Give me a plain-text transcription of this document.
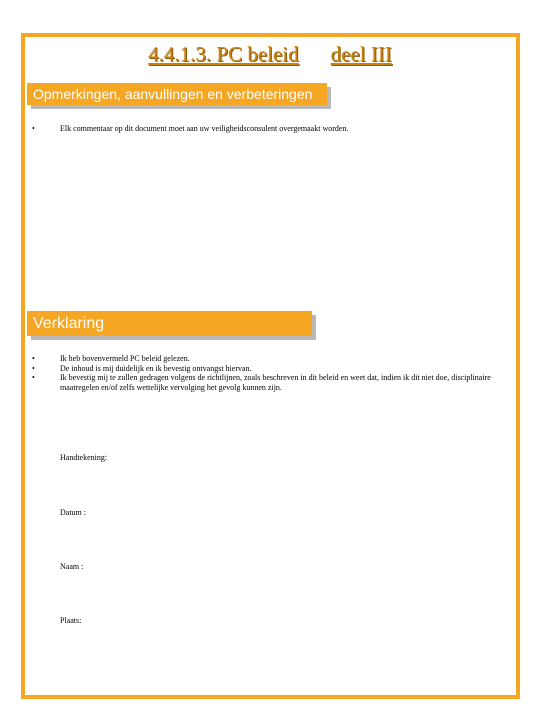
4.4.1.3. PC beleid deel III
Opmerkingen, aanvullingen en verbeteringen
•	Elk commentaar op dit document moet aan uw veiligheidsconsulent overgemaakt worden.
Verklaring
•	Ik heb bovenvermeld PC beleid gelezen.
•	De inhoud is mij duidelijk en ik bevestig ontvangst hiervan.
•	Ik bevestig mij te zullen gedragen volgens de richtlijnen, zoals beschreven in dit beleid en weet dat, indien ik dit niet doe, disciplinaire maatregelen en/of zelfs wettelijke vervolging het gevolg kunnen zijn.
Handtekening:
Datum :
Naam :
Plaats:
